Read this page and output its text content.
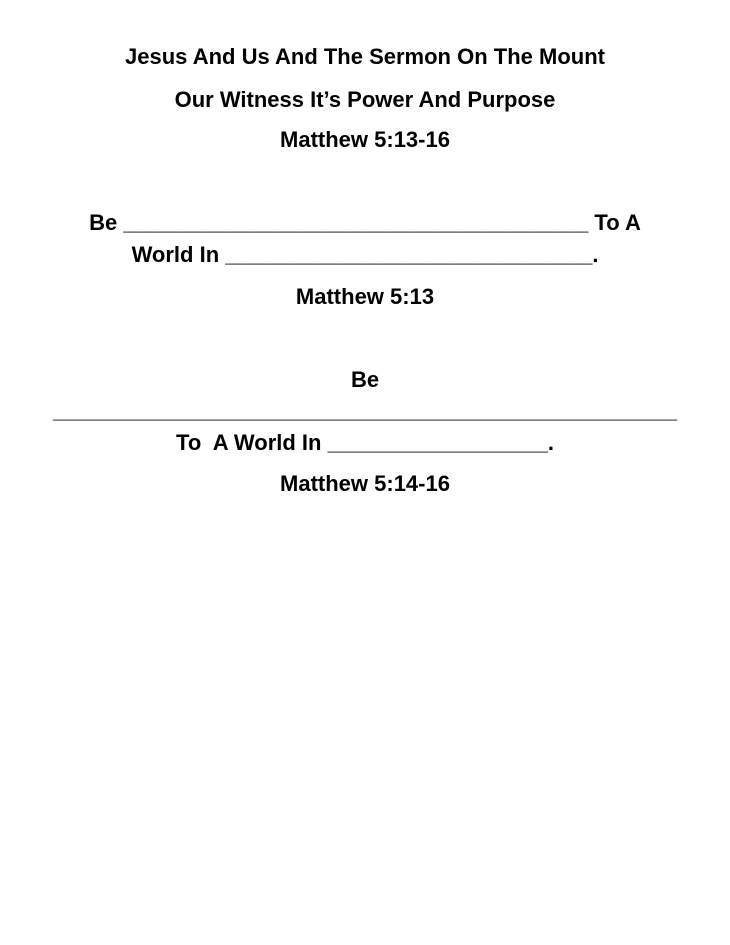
Jesus And Us And The Sermon On The Mount
Our Witness It’s Power And Purpose
Matthew 5:13-16
Be ______________________________________ To A
World In ______________________________.
Matthew 5:13
Be
___________________________________________________
To  A World In __________________.
Matthew 5:14-16
